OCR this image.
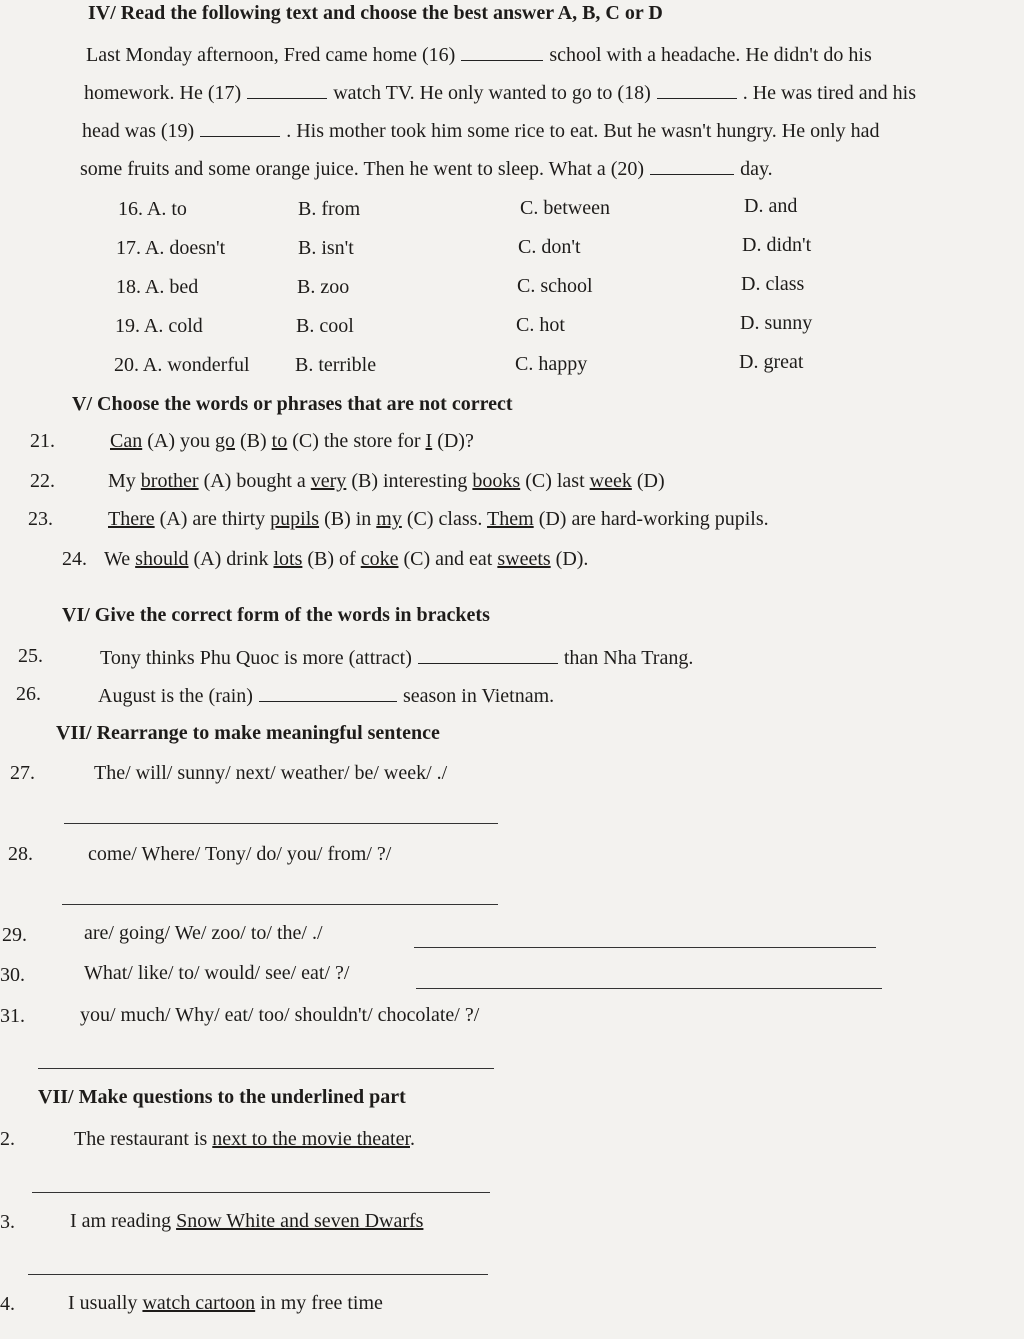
IV/ Read the following text and choose the best answer A, B, C or D
Last Monday afternoon, Fred came home (16)	school with a headache. He didn't do his
homework. He (17)	watch TV. He only wanted to go to (18)	. He was tired and his
head was (19)	. His mother took him some rice to eat. But he wasn't hungry. He only had
some fruits and some orange juice. Then he went to sleep. What a (20)	day.
16. A. to	B. from	C. between	D. and
17. A. doesn't	B. isn't	C. don't	D. didn't
18. A. bed	B. zoo	C. school	D. class
19. A. cold	B. cool	C. hot	D. sunny
20. A. wonderful B. terrible	C. happy	D. great
V/ Choose the words or phrases that are not correct
21.	Can (A) you go (B) to (C) the store for I (D)?
22.	My brother (A) bought a very (B) interesting books (C) last week (D)
23.	There (A) are thirty pupils (B) in my (C) class. Them (D) are hard-working pupils.
24. We should (A) drink lots (B) of coke (C) and eat sweets (D).
VI/ Give the correct form of the words in brackets
25.	Tony thinks Phu Quoc is more (attract)	than Nha Trang.
26.	August is the (rain)	season in Vietnam.
VII/ Rearrange to make meaningful sentence
27.	The/ will/ sunny/ next/ weather/ be/ week/ ./
28.	come/ Where/ Tony/ do/ you/ from/ ?/
29.	are/ going/ We/ zoo/ to/ the/ ./
30.	What/ like/ to/ would/ see/ eat/ ?/
31.	you/ much/ Why/ eat/ too/ shouldn't/ chocolate/ ?/
VII/ Make questions to the underlined part
2.	The restaurant is next to the movie theater.
3.	I am reading Snow White and seven Dwarfs
4.	I usually watch cartoon in my free time
